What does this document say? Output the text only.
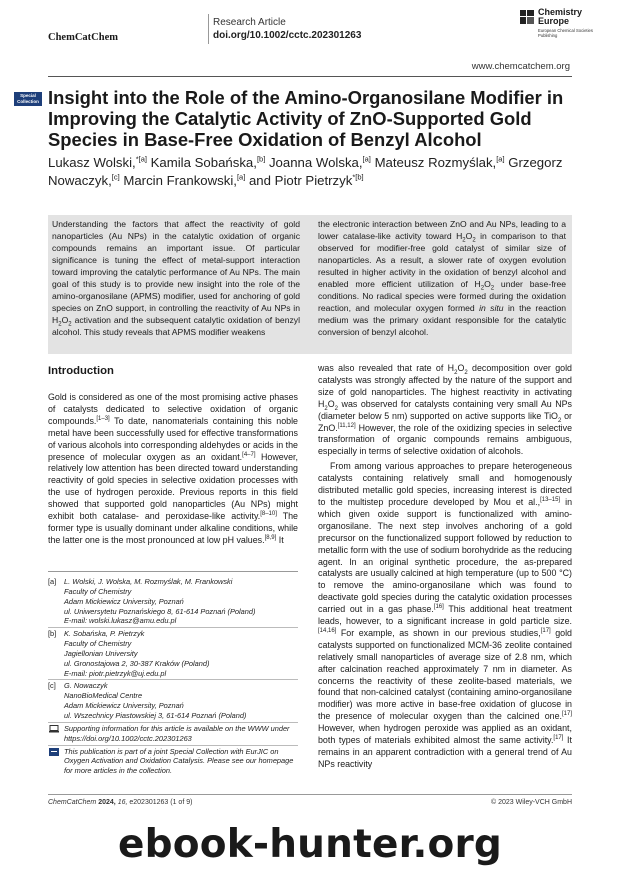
ChemCatChem
Research Article
doi.org/10.1002/cctc.202301263
Chemistry Europe
European Chemical Societies Publishing
www.chemcatchem.org
Special
Collection Insight into the Role of the Amino-Organosilane Modifier in Improving the Catalytic Activity of ZnO-Supported Gold Species in Base-Free Oxidation of Benzyl Alcohol
Lukasz Wolski,$^{*[a]}$ Kamila Sobańska,[b] Joanna Wolska,[a] Mateusz Rozmyślak,[a] Grzegorz Nowaczyk,[c] Marcin Frankowski,[a] and Piotr Pietrzyk$^{*[b]}$
Understanding the factors that affect the reactivity of gold nanoparticles (Au NPs) in the catalytic oxidation of organic compounds remains an important issue. Of particular significance is tuning the effect of metal-support interaction toward improving the catalytic performance of Au NPs. The main goal of this study is to provide new insight into the role of the amino-organosilane (APMS) modifier, used for anchoring of gold species on ZnO support, in controlling the reactivity of Au NPs in $H_2O_2$ activation and the subsequent catalytic oxidation of benzyl alcohol. This study reveals that APMS modifier weakens
the electronic interaction between ZnO and Au NPs, leading to a lower catalase-like activity toward $H_2O_2$ in comparison to that observed for modifier-free gold catalyst of similar size of nanoparticles. As a result, a slower rate of oxygen evolution resulted in higher activity in the oxidation of benzyl alcohol and enabled more efficient utilization of $H_2O_2$ under base-free conditions. No radical species were formed during the oxidation reaction, and molecular oxygen formed in situ in the reaction medium was the primary oxidant responsible for the catalytic conversion of benzyl alcohol.
Introduction

Gold is considered as one of the most promising active phases of catalysts dedicated to selective oxidation of organic compounds.[1–3] To date, nanomaterials containing this noble metal have been successfully used for effective transformations of various alcohols into corresponding aldehydes or acids in the presence of molecular oxygen as an oxidant.[4–7] However, relatively low attention has been directed toward understanding reactivity of gold species in selective oxidation processes with the use of hydrogen peroxide. Previous reports in this field showed that supported gold nanoparticles (Au NPs) might exhibit both catalase- and peroxidase-like activity.[8–10] The former type is usually dominant under alkaline conditions, while the latter one is the most pronounced at low pH values.[8,9] It

was also revealed that rate of $H_2O_2$ decomposition over gold catalysts was strongly affected by the nature of the support and size of gold nanoparticles. The highest reactivity in activating $H_2O_2$ was observed for catalysts containing very small Au NPs (diameter below 5 nm) supported on active supports like TiO$_2$ or ZnO.[11,12] However, the role of the oxidizing species in selective transformation of organic compounds remains ambiguous, especially in terms of selective oxidation of alcohols.

From among various approaches to prepare heterogeneous catalysts containing relatively small and homogenously distributed metallic gold species, increasing interest is directed to the multistep procedure developed by Mou et al.,[13–15] in which given oxide support is functionalized with amino-organosilane. The next step involves anchoring of a gold precursor on the functionalized support followed by reduction to metallic form with the use of sodium borohydride as the reducing agent. In an original synthetic procedure, the as-prepared catalysts are usually calcined at high temperature (up to 500 °C) to remove the amino-organosilane which was found to deactivate gold species during the catalytic oxidation processes carried out in a gas phase.[16] This additional heat treatment leads, however, to a significant increase in gold particle size.[14,16] For example, as shown in our previous studies,[17] gold catalysts supported on functionalized MCM-36 zeolite contained relatively small nanoparticles of average size of 2.8 nm, which after calcination reached approximately 7 nm in diameter. As concerns the reactivity of these zeolite-based materials, we found that non-calcined catalyst (containing amino-organosilane modifier) was more active in base-free oxidation of glucose in the presence of molecular oxygen than the calcined one.[17] However, when hydrogen peroxide was applied as an oxidant, both types of materials exhibited almost the same activity.[17] It remains in an apparent contradiction with a general trend of Au NPs reactivity

[a] L. Wolski, J. Wolska, M. Rozmyślak, M. Frankowski
Faculty of Chemistry
Adam Mickiewicz University, Poznań
ul. Uniwersytetu Poznańskiego 8, 61-614 Poznań (Poland)
E-mail: wolski.lukasz@amu.edu.pl
[b] K. Sobańska, P. Pietrzyk
Faculty of Chemistry
Jagiellonian University
ul. Gronostajowa 2, 30-387 Kraków (Poland)
E-mail: piotr.pietrzyk@uj.edu.pl
[c] G. Nowaczyk
NanoBioMedical Centre
Adam Mickiewicz University, Poznań
ul. Wszechnicy Piastowskiej 3, 61-614 Poznań (Poland)
Supporting information for this article is available on the WWW under https://doi.org/10.1002/cctc.202301263
This publication is part of a joint Special Collection with EurJIC on Oxygen Activation and Oxidation Catalysis. Please see our homepage for more articles in the collection.
ChemCatChem 2024, 16, e202301263 (1 of 9)	© 2023 Wiley-VCH GmbH
ebook-hunter.org
